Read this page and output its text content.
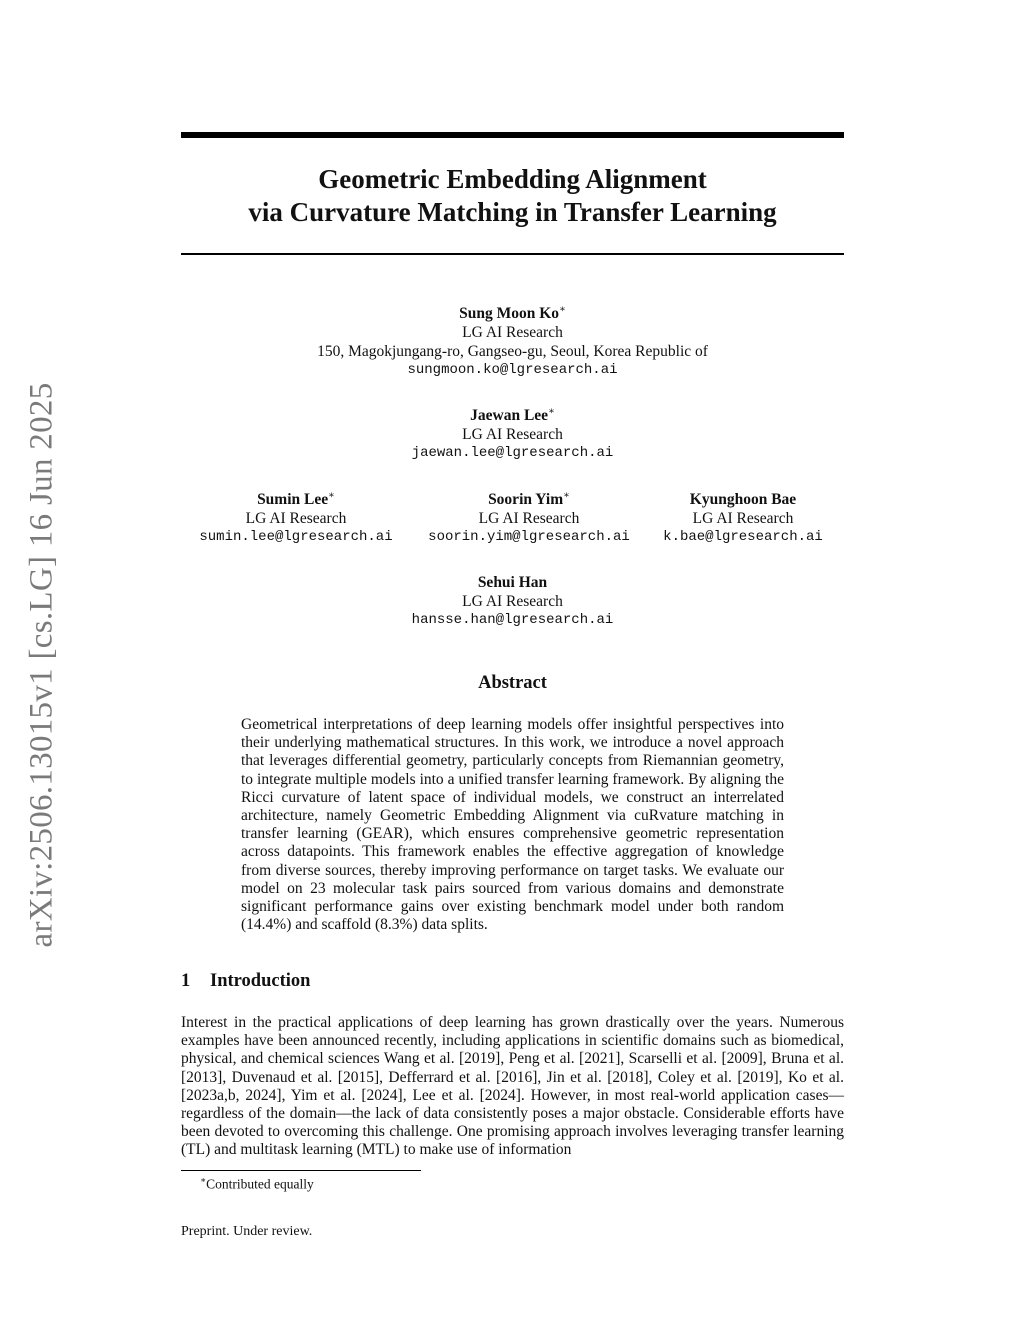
arXiv:2506.13015v1 [cs.LG] 16 Jun 2025
Geometric Embedding Alignment
via Curvature Matching in Transfer Learning
Sung Moon Ko∗
LG AI Research
150, Magokjungang-ro, Gangseo-gu, Seoul, Korea Republic of
sungmoon.ko@lgresearch.ai
Jaewan Lee∗
LG AI Research
jaewan.lee@lgresearch.ai
Sumin Lee∗
LG AI Research
sumin.lee@lgresearch.ai
Soorin Yim∗
LG AI Research
soorin.yim@lgresearch.ai
Kyunghoon Bae
LG AI Research
k.bae@lgresearch.ai
Sehui Han
LG AI Research
hansse.han@lgresearch.ai
Abstract
Geometrical interpretations of deep learning models offer insightful perspectives into their underlying mathematical structures. In this work, we introduce a novel approach that leverages differential geometry, particularly concepts from Riemannian geometry, to integrate multiple models into a unified transfer learning framework. By aligning the Ricci curvature of latent space of individual models, we construct an interrelated architecture, namely Geometric Embedding Alignment via cuRvature matching in transfer learning (GEAR), which ensures comprehensive geometric representation across datapoints. This framework enables the effective aggregation of knowledge from diverse sources, thereby improving performance on target tasks. We evaluate our model on 23 molecular task pairs sourced from various domains and demonstrate significant performance gains over existing benchmark model under both random (14.4%) and scaffold (8.3%) data splits.
1 Introduction
Interest in the practical applications of deep learning has grown drastically over the years. Numerous examples have been announced recently, including applications in scientific domains such as biomedical, physical, and chemical sciences Wang et al. [2019], Peng et al. [2021], Scarselli et al. [2009], Bruna et al. [2013], Duvenaud et al. [2015], Defferrard et al. [2016], Jin et al. [2018], Coley et al. [2019], Ko et al. [2023a,b, 2024], Yim et al. [2024], Lee et al. [2024]. However, in most real-world application cases—regardless of the domain—the lack of data consistently poses a major obstacle. Considerable efforts have been devoted to overcoming this challenge. One promising approach involves leveraging transfer learning (TL) and multitask learning (MTL) to make use of information
∗Contributed equally
Preprint. Under review.
